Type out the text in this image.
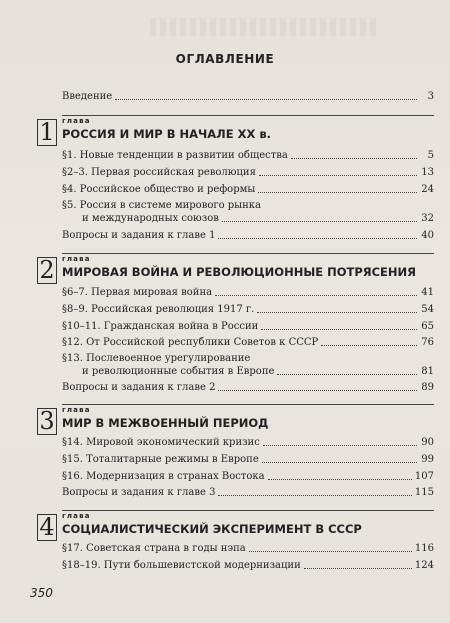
ОГЛАВЛЕНИЕ
Введение	3
1	глава
РОССИЯ И МИР В НАЧАЛЕ XX в.
§1. Новые тенденции в развитии общества	5
§2–3. Первая российская революция	13
§4. Российское общество и реформы	24
§5. Россия в системе мирового рынка
и международных союзов	32
Вопросы и задания к главе 1	40
2	глава
МИРОВАЯ ВОЙНА И РЕВОЛЮЦИОННЫЕ ПОТРЯСЕНИЯ
§6–7. Первая мировая война	41
§8–9. Российская революция 1917 г.	54
§10–11. Гражданская война в России	65
§12. От Российской республики Советов к СССР	76
§13. Послевоенное урегулирование
и революционные события в Европе	81
Вопросы и задания к главе 2	89
3	глава
МИР В МЕЖВОЕННЫЙ ПЕРИОД
§14. Мировой экономический кризис	90
§15. Тоталитарные режимы в Европе	99
§16. Модернизация в странах Востока	107
Вопросы и задания к главе 3	115
4	глава
СОЦИАЛИСТИЧЕСКИЙ ЭКСПЕРИМЕНТ В СССР
§17. Советская страна в годы нэпа	116
§18–19. Пути большевистской модернизации	124
350
